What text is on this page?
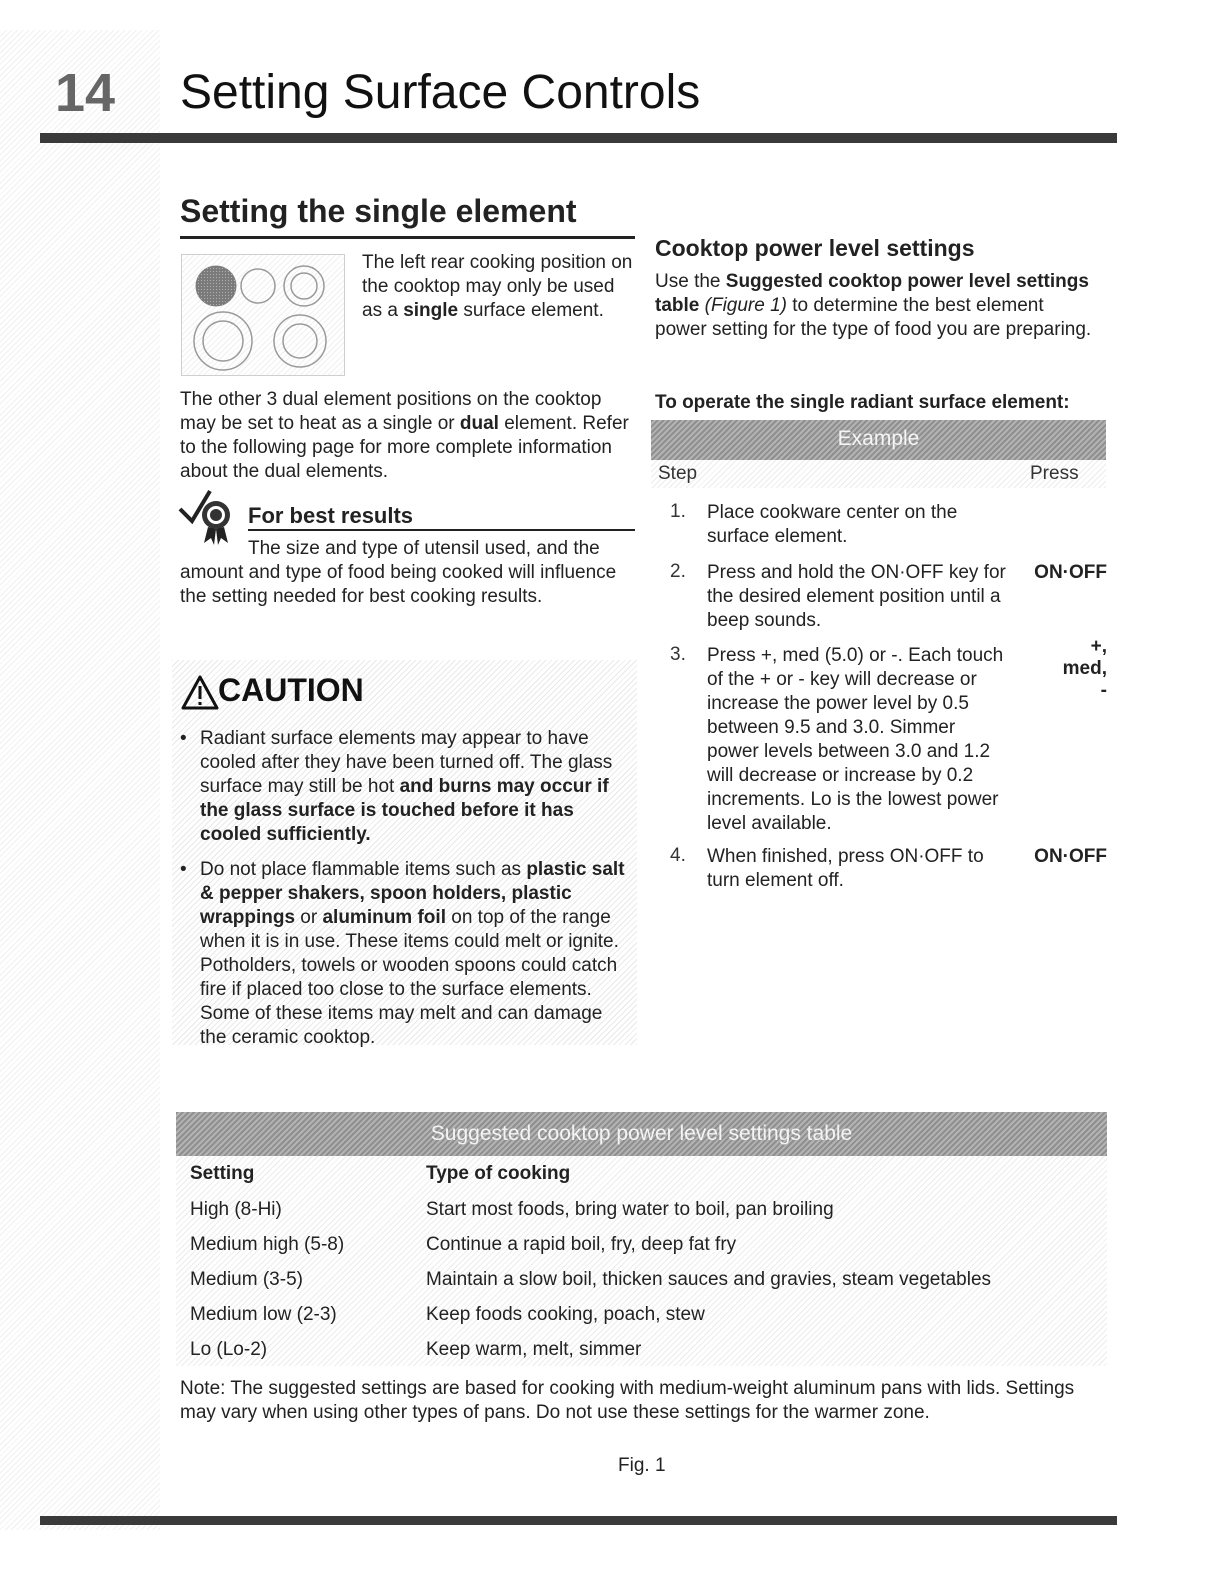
14 Setting Surface Controls
Setting the single element

The left rear cooking position on the cooktop may only be used as a single surface element.

The other 3 dual element positions on the cooktop may be set to heat as a single or dual element. Refer to the following page for more complete information about the dual elements.

For best results

The size and type of utensil used, and the amount and type of food being cooked will influence the setting needed for best cooking results.

CAUTION
• Radiant surface elements may appear to have cooled after they have been turned off. The glass surface may still be hot and burns may occur if the glass surface is touched before it has cooled sufficiently.
• Do not place flammable items such as plastic salt & pepper shakers, spoon holders, plastic wrappings or aluminum foil on top of the range when it is in use. These items could melt or ignite. Potholders, towels or wooden spoons could catch fire if placed too close to the surface elements. Some of these items may melt and can damage the ceramic cooktop.
Cooktop power level settings

Use the Suggested cooktop power level settings table (Figure 1) to determine the best element power setting for the type of food you are preparing.

To operate the single radiant surface element:
Example
Step	Press
1. Place cookware center on the surface element.
2. Press and hold the ON·OFF key for the desired element position until a beep sounds.
ON·OFF
3. Press +, med (5.0) or -. Each touch of the + or - key will decrease or increase the power level by 0.5 between 9.5 and 3.0. Simmer power levels between 3.0 and 1.2 will decrease or increase by 0.2 increments. Lo is the lowest power level available.
+, med, -
4. When finished, press ON·OFF to turn element off.
ON·OFF
Suggested cooktop power level settings table
Setting	Type of cooking
High (8-Hi)	Start most foods, bring water to boil, pan broiling
Medium high (5-8)	Continue a rapid boil, fry, deep fat fry
Medium (3-5)	Maintain a slow boil, thicken sauces and gravies, steam vegetables
Medium low (2-3)	Keep foods cooking, poach, stew
Lo (Lo-2)	Keep warm, melt, simmer

Note: The suggested settings are based for cooking with medium-weight aluminum pans with lids. Settings may vary when using other types of pans. Do not use these settings for the warmer zone.

Fig. 1
